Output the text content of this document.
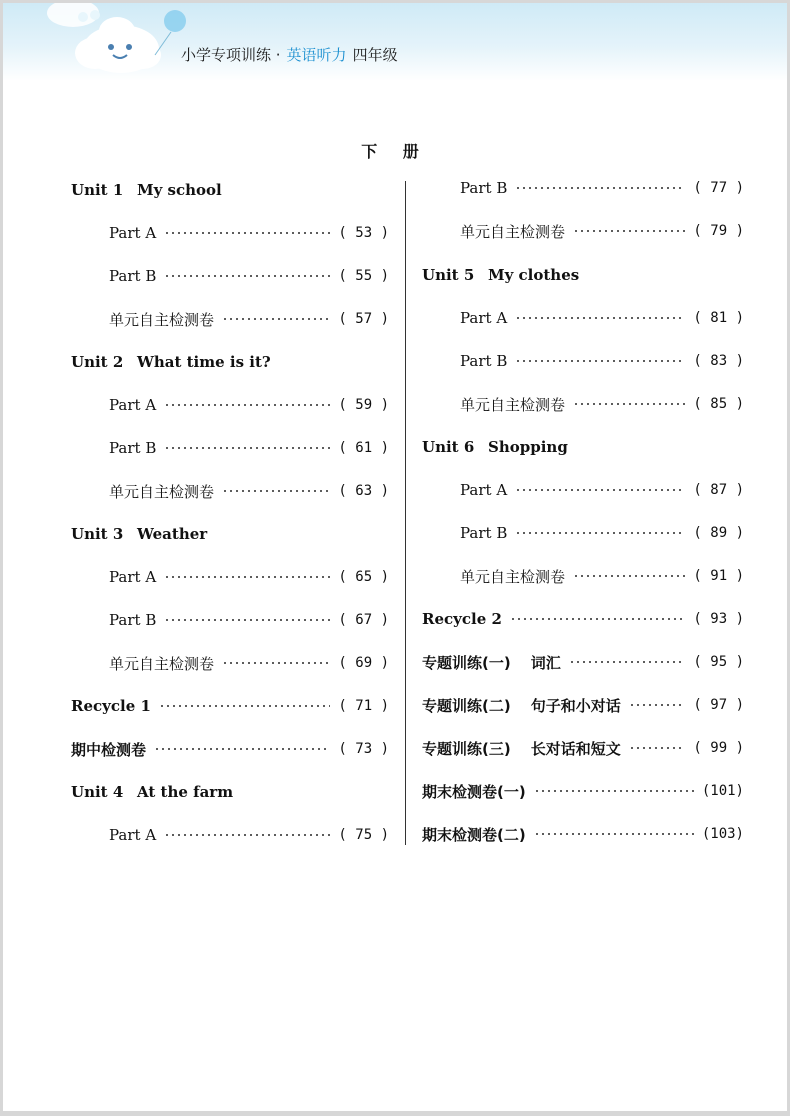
小学专项训练 · 英语听力 四年级
下 册
Unit 1 My school
Part A	( 53 )
Part B	( 55 )
单元自主检测卷	( 57 )
Unit 2 What time is it?
Part A	( 59 )
Part B	( 61 )
单元自主检测卷	( 63 )
Unit 3 Weather
Part A	( 65 )
Part B	( 67 )
单元自主检测卷	( 69 )
Recycle 1	( 71 )
期中检测卷	( 73 )
Unit 4 At the farm
Part A	( 75 )
Part B	( 77 )
单元自主检测卷	( 79 )
Unit 5 My clothes
Part A	( 81 )
Part B	( 83 )
单元自主检测卷	( 85 )
Unit 6 Shopping
Part A	( 87 )
Part B	( 89 )
单元自主检测卷	( 91 )
Recycle 2	( 93 )
专题训练(一) 词汇	( 95 )
专题训练(二) 句子和小对话	( 97 )
专题训练(三) 长对话和短文	( 99 )
期末检测卷(一)	(101)
期末检测卷(二)	(103)
